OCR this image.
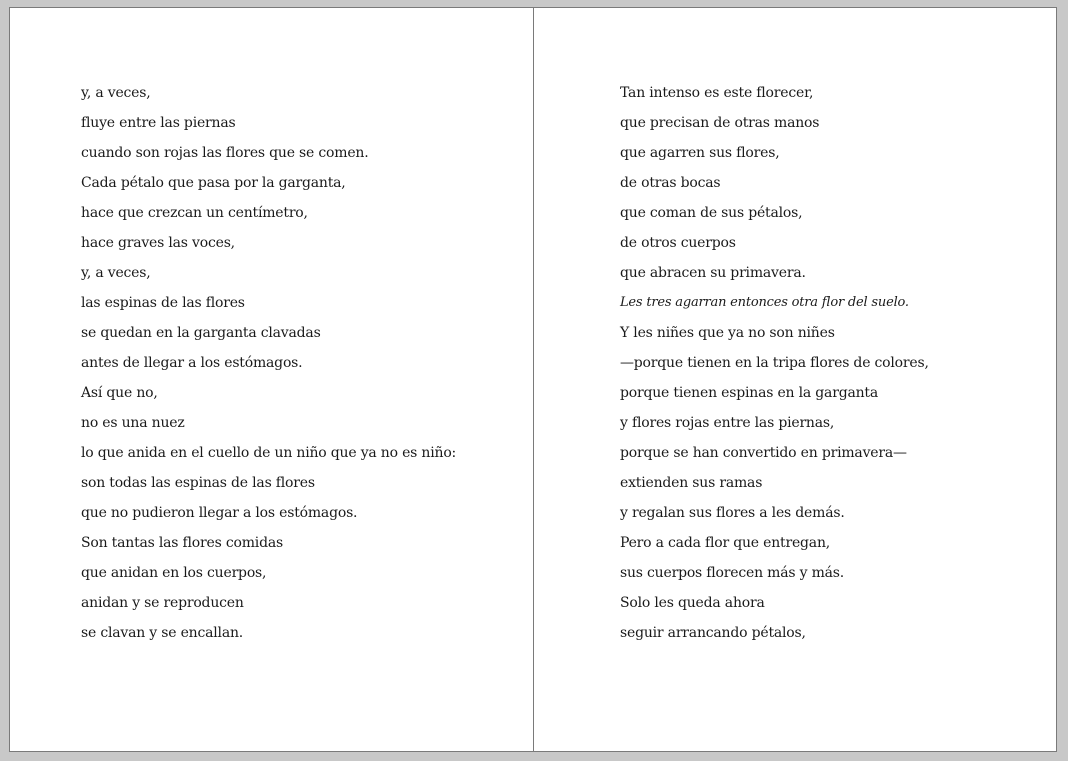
y, a veces,
fluye entre las piernas
cuando son rojas las flores que se comen.
Cada pétalo que pasa por la garganta,
hace que crezcan un centímetro,
hace graves las voces,
y, a veces,
las espinas de las flores
se quedan en la garganta clavadas
antes de llegar a los estómagos.
Así que no,
no es una nuez
lo que anida en el cuello de un niño que ya no es niño:
son todas las espinas de las flores
que no pudieron llegar a los estómagos.
Son tantas las flores comidas
que anidan en los cuerpos,
anidan y se reproducen
se clavan y se encallan.
Tan intenso es este florecer,
que precisan de otras manos
que agarren sus flores,
de otras bocas
que coman de sus pétalos,
de otros cuerpos
que abracen su primavera.
Les tres agarran entonces otra flor del suelo.
Y les niñes que ya no son niñes
—porque tienen en la tripa flores de colores,
porque tienen espinas en la garganta
y flores rojas entre las piernas,
porque se han convertido en primavera—
extienden sus ramas
y regalan sus flores a les demás.
Pero a cada flor que entregan,
sus cuerpos florecen más y más.
Solo les queda ahora
seguir arrancando pétalos,
